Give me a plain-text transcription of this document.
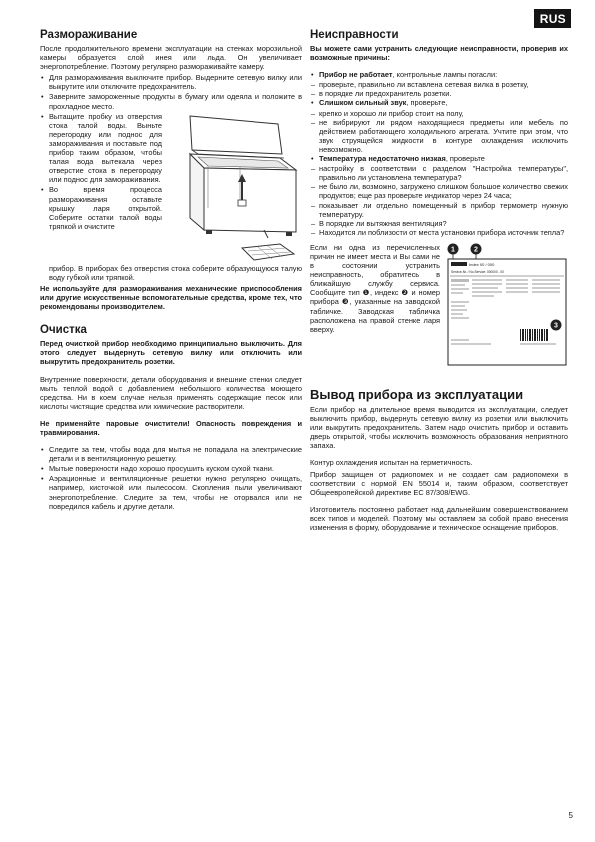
RUS
Размораживание

После продолжительного времени эксплуатации на стенках морозильной камеры образуется слой инея или льда. Он увеличивает энергопотребление. Поэтому регулярно размораживайте камеру.

• Для размораживания выключите прибор. Выдерните сетевую вилку или выкрутите или отключите предохранитель.
• Заверните замороженные продукты в бумагу или одеяла и положите в прохладное место.
• Вытащите пробку из отверстия стока талой воды. Выньте перегородку или поднос для замораживания и поставьте под прибор таким образом, чтобы талая вода вытекала через отверстие стока в перегородку или поднос для замораживания.
• Во время процесса размораживания оставьте крышку ларя открытой. Соберите остатки талой воды тряпкой и очистите

прибор. В приборах без отверстия стока соберите образующуюся талую воду губкой или тряпкой.

Не используйте для размораживания механические приспособления или другие искусственные вспомогательные средства, кроме тех, что рекомендованы производителем.

Очистка

Перед очисткой прибор необходимо принципиально выключить. Для этого следует выдернуть сетевую вилку или отключить или выкрутить предохранитель розетки.

Внутренние поверхности, детали оборудования и внешние стенки следует мыть теплой водой с добавлением небольшого количества моющего средства. Ни в коем случае нельзя применять содержащие песок или кислоты чистящие средства или химические растворители.

Не применяйте паровые очистители! Опасность повреждения и травмирования.

• Следите за тем, чтобы вода для мытья не попадала на электрические детали и в вентиляционную решетку.
• Мытые поверхности надо хорошо просушить куском сухой ткани.
• Аэрационные и вентиляционные решетки нужно регулярно очищать, например, кисточкой или пылесосом. Скопления пыли увеличивают энергопотребление. Следите за тем, чтобы не оторвался или не повредился кабель и другие детали.
Неисправности

Вы можете сами устранить следующие неисправности, проверив их возможные причины:

• Прибор не работает, контрольные лампы погасли:
– проверьте, правильно ли вставлена сетевая вилка в розетку,
– в порядке ли предохранитель розетки.
• Слишком сильный звук, проверьте,
– крепко и хорошо ли прибор стоит на полу,
– не вибрируют ли рядом находящиеся предметы или мебель по действием работающего холодильного агрегата. Учтите при этом, что звук струящейся жидкости в контуре охлаждения исключить невозможно.
• Температура недостаточно низкая, проверьте
– настройку в соответствии с разделом "Настройка температуры", правильно ли установлена температура?
– не было ли, возможно, загружено слишком большое количество свежих продуктов; еще раз проверьте индикатор через 24 часа;
– показывает ли отдельно помещенный в прибор термометр нужную температуру.
– В порядке ли вытяжная вентиляция?
– Находится ли поблизости от места установки прибора источник тепла?

Если ни одна из перечисленных причин не имеет места и Вы сами не в состоянии устранить неисправность, обратитесь в ближайшую службу сервиса. Сообщите тип ❶, индекс ❷ и номер прибора ❸, указанные на заводской табличке. Заводская табличка расположена на правой стенке ларя вверху.

1	2
Index 00 / 000
Service-Nr. / No-Service: 000000 - 00
3
Вывод прибора из эксплуатации

Если прибор на длительное время выводится из эксплуатации, следует выключить прибор, выдернуть сетевую вилку из розетки или выключить или выкрутить предохранитель. Затем надо очистить прибор и оставить дверь открытой, чтобы исключить возможность образования неприятного запаха.

Контур охлаждения испытан на герметичность.

Прибор защищен от радиопомех и не создает сам радиопомехи в соответствии с нормой EN 55014 и, таким образом, соответствует Общеевропейской директиве ЕС 87/308/EWG.

Изготовитель постоянно работает над дальнейшим совершенствованием всех типов и моделей. Поэтому мы оставляем за собой право внесения изменения в форму, оборудование и техническое оснащение приборов.

5
